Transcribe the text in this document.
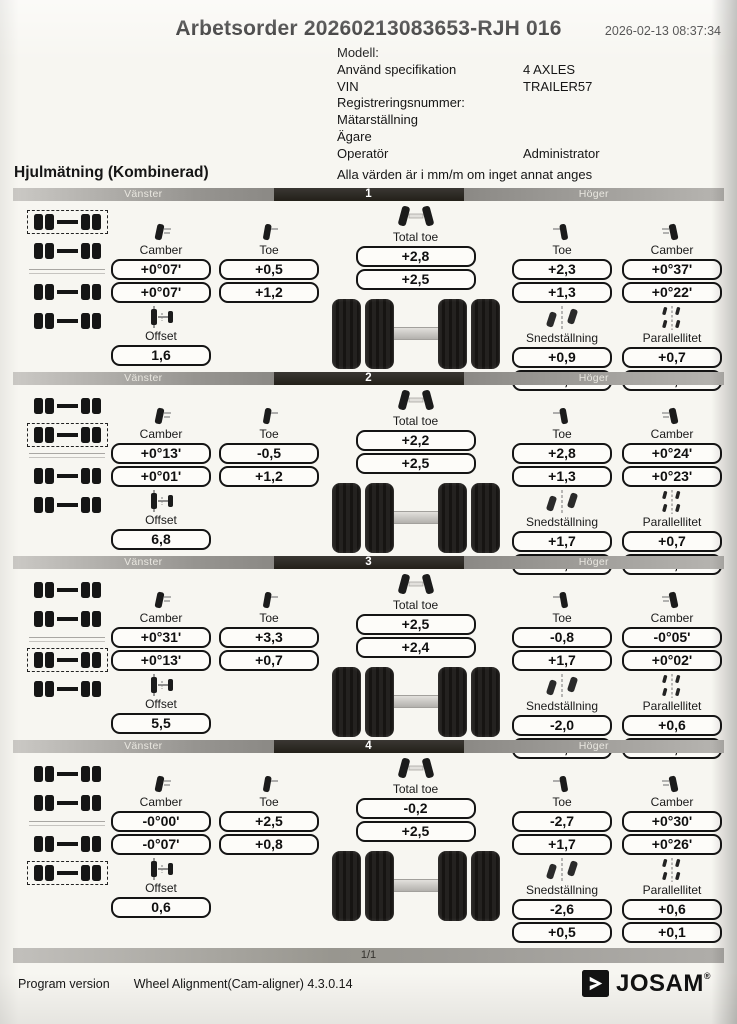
Arbetsorder 20260213083653-RJH 016	2026-02-13 08:37:34
Modell:
Använd specifikation	4 AXLES
VIN	TRAILER57
Registreringsnummer:
Mätarställning
Ägare
Operatör	Administrator
Hjulmätning (Kombinerad)	Alla värden är i mm/m om inget annat anges
Vänster	1	Höger
Camber
+0°07'
+0°07'
Offset
1,6
Toe
+0,5
+1,2
Total toe
+2,8
+2,5
Toe
+2,3
+1,3
Snedställning
+0,9
Camber
+0°37'
+0°22'
Parallellitet
+0,7
Vänster	2	Höger
Camber
+0°13'
+0°01'
Offset
6,8
Toe
-0,5
+1,2
Total toe
+2,2
+2,5
Toe
+2,8
+1,3
Snedställning
+1,7
Camber
+0°24'
+0°23'
Parallellitet
+0,7
Vänster	3	Höger
Camber
+0°31'
+0°13'
Offset
5,5
Toe
+3,3
+0,7
Total toe
+2,5
+2,4
Toe
-0,8
+1,7
Snedställning
-2,0
Camber
-0°05'
+0°02'
Parallellitet
+0,6
Vänster	4	Höger
Camber
-0°00'
-0°07'
Offset
0,6
Toe
+2,5
+0,8
Total toe
-0,2
+2,5
Toe
-2,7
+1,7
Snedställning
-2,6
+0,5
Camber
+0°30'
+0°26'
Parallellitet
+0,6
+0,1
1/1
Program version Wheel Alignment(Cam-aligner) 4.3.0.14	JOSAM ®
